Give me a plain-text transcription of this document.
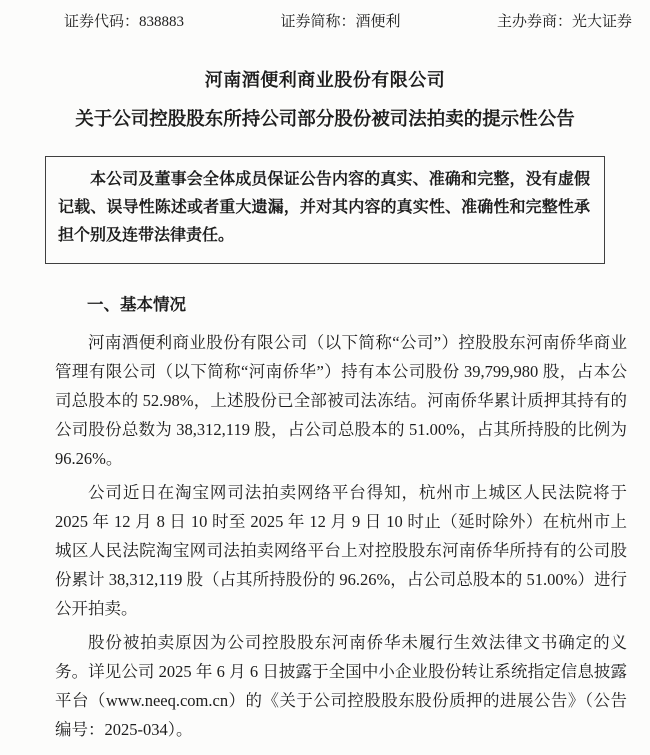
证券代码：838883	证券简称：酒便利	主办券商：光大证券
河南酒便利商业股份有限公司
关于公司控股股东所持公司部分股份被司法拍卖的提示性公告
本公司及董事会全体成员保证公告内容的真实、准确和完整，没有虚假记载、误导性陈述或者重大遗漏，并对其内容的真实性、准确性和完整性承担个别及连带法律责任。
一、基本情况

河南酒便利商业股份有限公司（以下简称“公司”）控股股东河南侨华商业管理有限公司（以下简称“河南侨华”）持有本公司股份 39,799,980 股，占本公司总股本的 52.98%，上述股份已全部被司法冻结。河南侨华累计质押其持有的公司股份总数为 38,312,119 股，占公司总股本的 51.00%，占其所持股的比例为 96.26%。

公司近日在淘宝网司法拍卖网络平台得知，杭州市上城区人民法院将于 2025 年 12 月 8 日 10 时至 2025 年 12 月 9 日 10 时止（延时除外）在杭州市上城区人民法院淘宝网司法拍卖网络平台上对控股股东河南侨华所持有的公司股份累计 38,312,119 股（占其所持股份的 96.26%，占公司总股本的 51.00%）进行公开拍卖。

股份被拍卖原因为公司控股股东河南侨华未履行生效法律文书确定的义务。详见公司 2025 年 6 月 6 日披露于全国中小企业股份转让系统指定信息披露平台（www.neeq.com.cn）的《关于公司控股股东股份质押的进展公告》（公告编号：2025-034）。
